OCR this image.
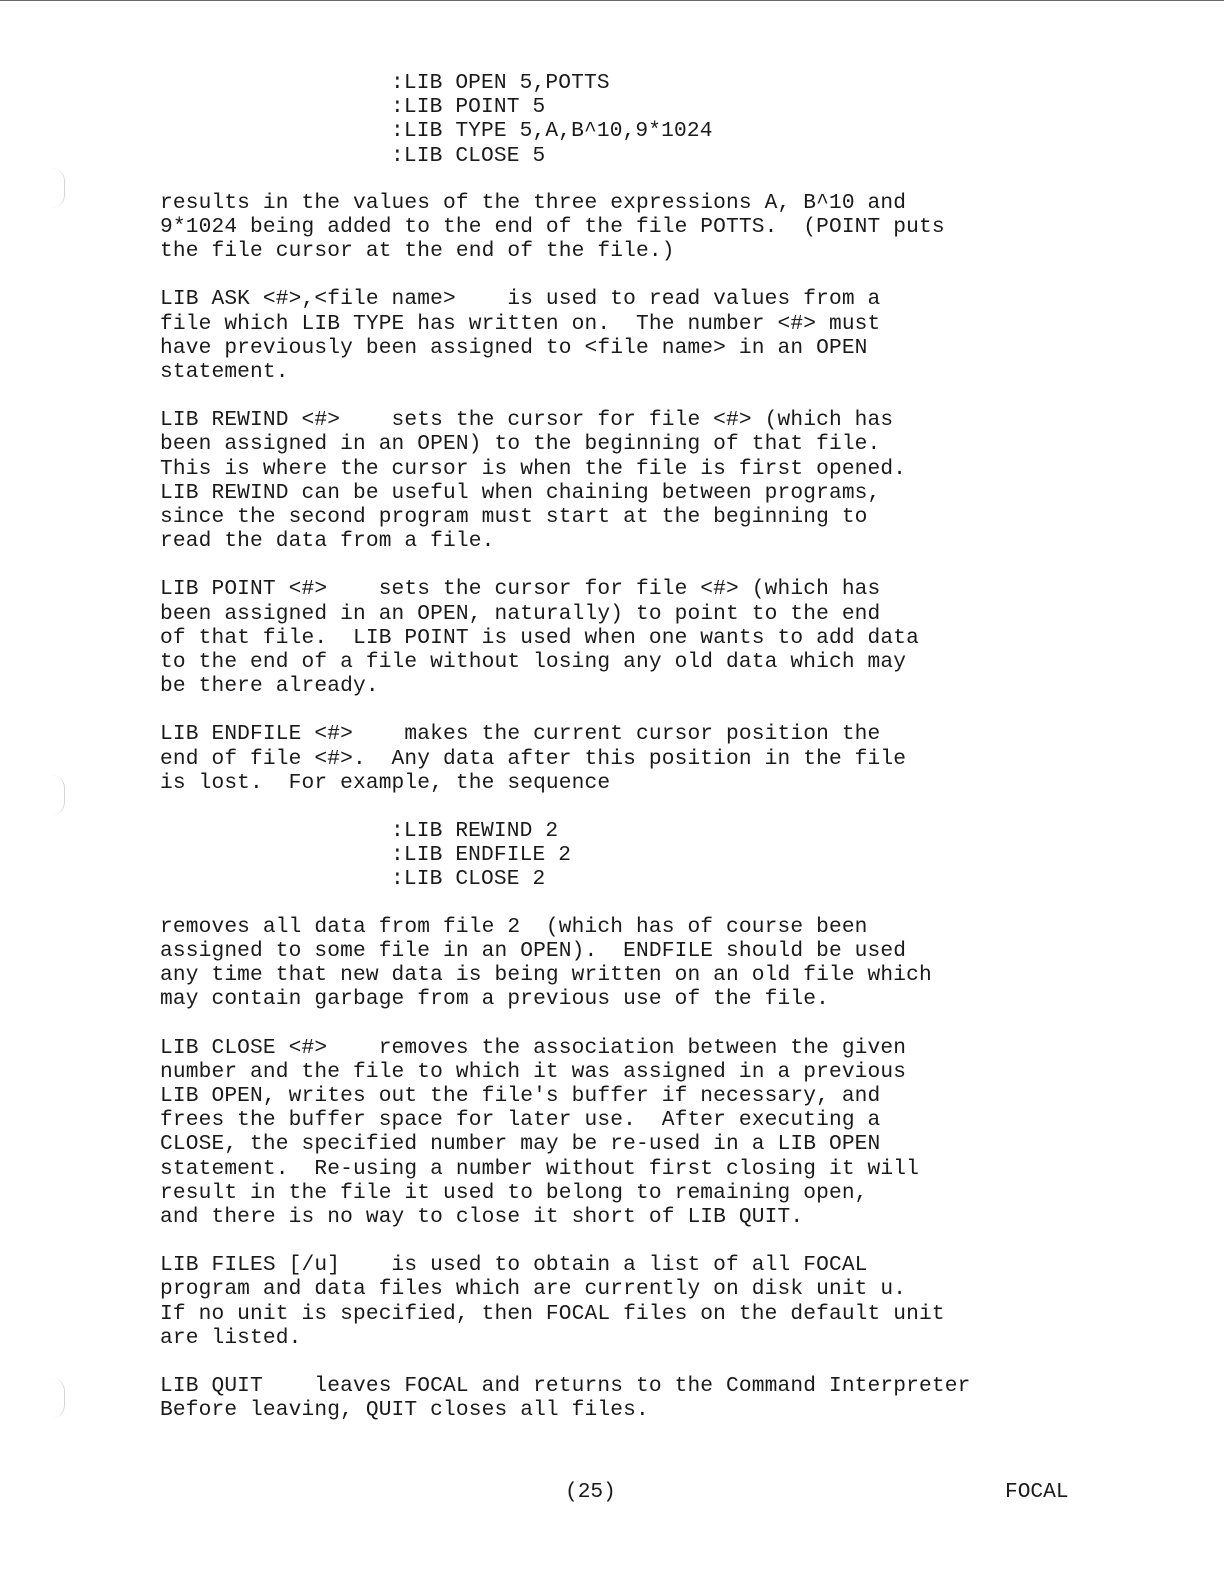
:LIB OPEN 5,POTTS
:LIB POINT 5
:LIB TYPE 5,A,B^10,9*1024
:LIB CLOSE 5
results in the values of the three expressions A, B^10 and
9*1024 being added to the end of the file POTTS.  (POINT puts
the file cursor at the end of the file.)
LIB ASK <#>,<file name>    is used to read values from a
file which LIB TYPE has written on.  The number <#> must
have previously been assigned to <file name> in an OPEN
statement.
LIB REWIND <#>    sets the cursor for file <#> (which has
been assigned in an OPEN) to the beginning of that file.
This is where the cursor is when the file is first opened.
LIB REWIND can be useful when chaining between programs,
since the second program must start at the beginning to
read the data from a file.
LIB POINT <#>    sets the cursor for file <#> (which has
been assigned in an OPEN, naturally) to point to the end
of that file.  LIB POINT is used when one wants to add data
to the end of a file without losing any old data which may
be there already.
LIB ENDFILE <#>    makes the current cursor position the
end of file <#>.  Any data after this position in the file
is lost.  For example, the sequence
:LIB REWIND 2
:LIB ENDFILE 2
:LIB CLOSE 2
removes all data from file 2  (which has of course been
assigned to some file in an OPEN).  ENDFILE should be used
any time that new data is being written on an old file which
may contain garbage from a previous use of the file.
LIB CLOSE <#>    removes the association between the given
number and the file to which it was assigned in a previous
LIB OPEN, writes out the file's buffer if necessary, and
frees the buffer space for later use.  After executing a
CLOSE, the specified number may be re-used in a LIB OPEN
statement.  Re-using a number without first closing it will
result in the file it used to belong to remaining open,
and there is no way to close it short of LIB QUIT.
LIB FILES [/u]    is used to obtain a list of all FOCAL
program and data files which are currently on disk unit u.
If no unit is specified, then FOCAL files on the default unit
are listed.
LIB QUIT    leaves FOCAL and returns to the Command Interpreter
Before leaving, QUIT closes all files.
(25)	FOCAL
